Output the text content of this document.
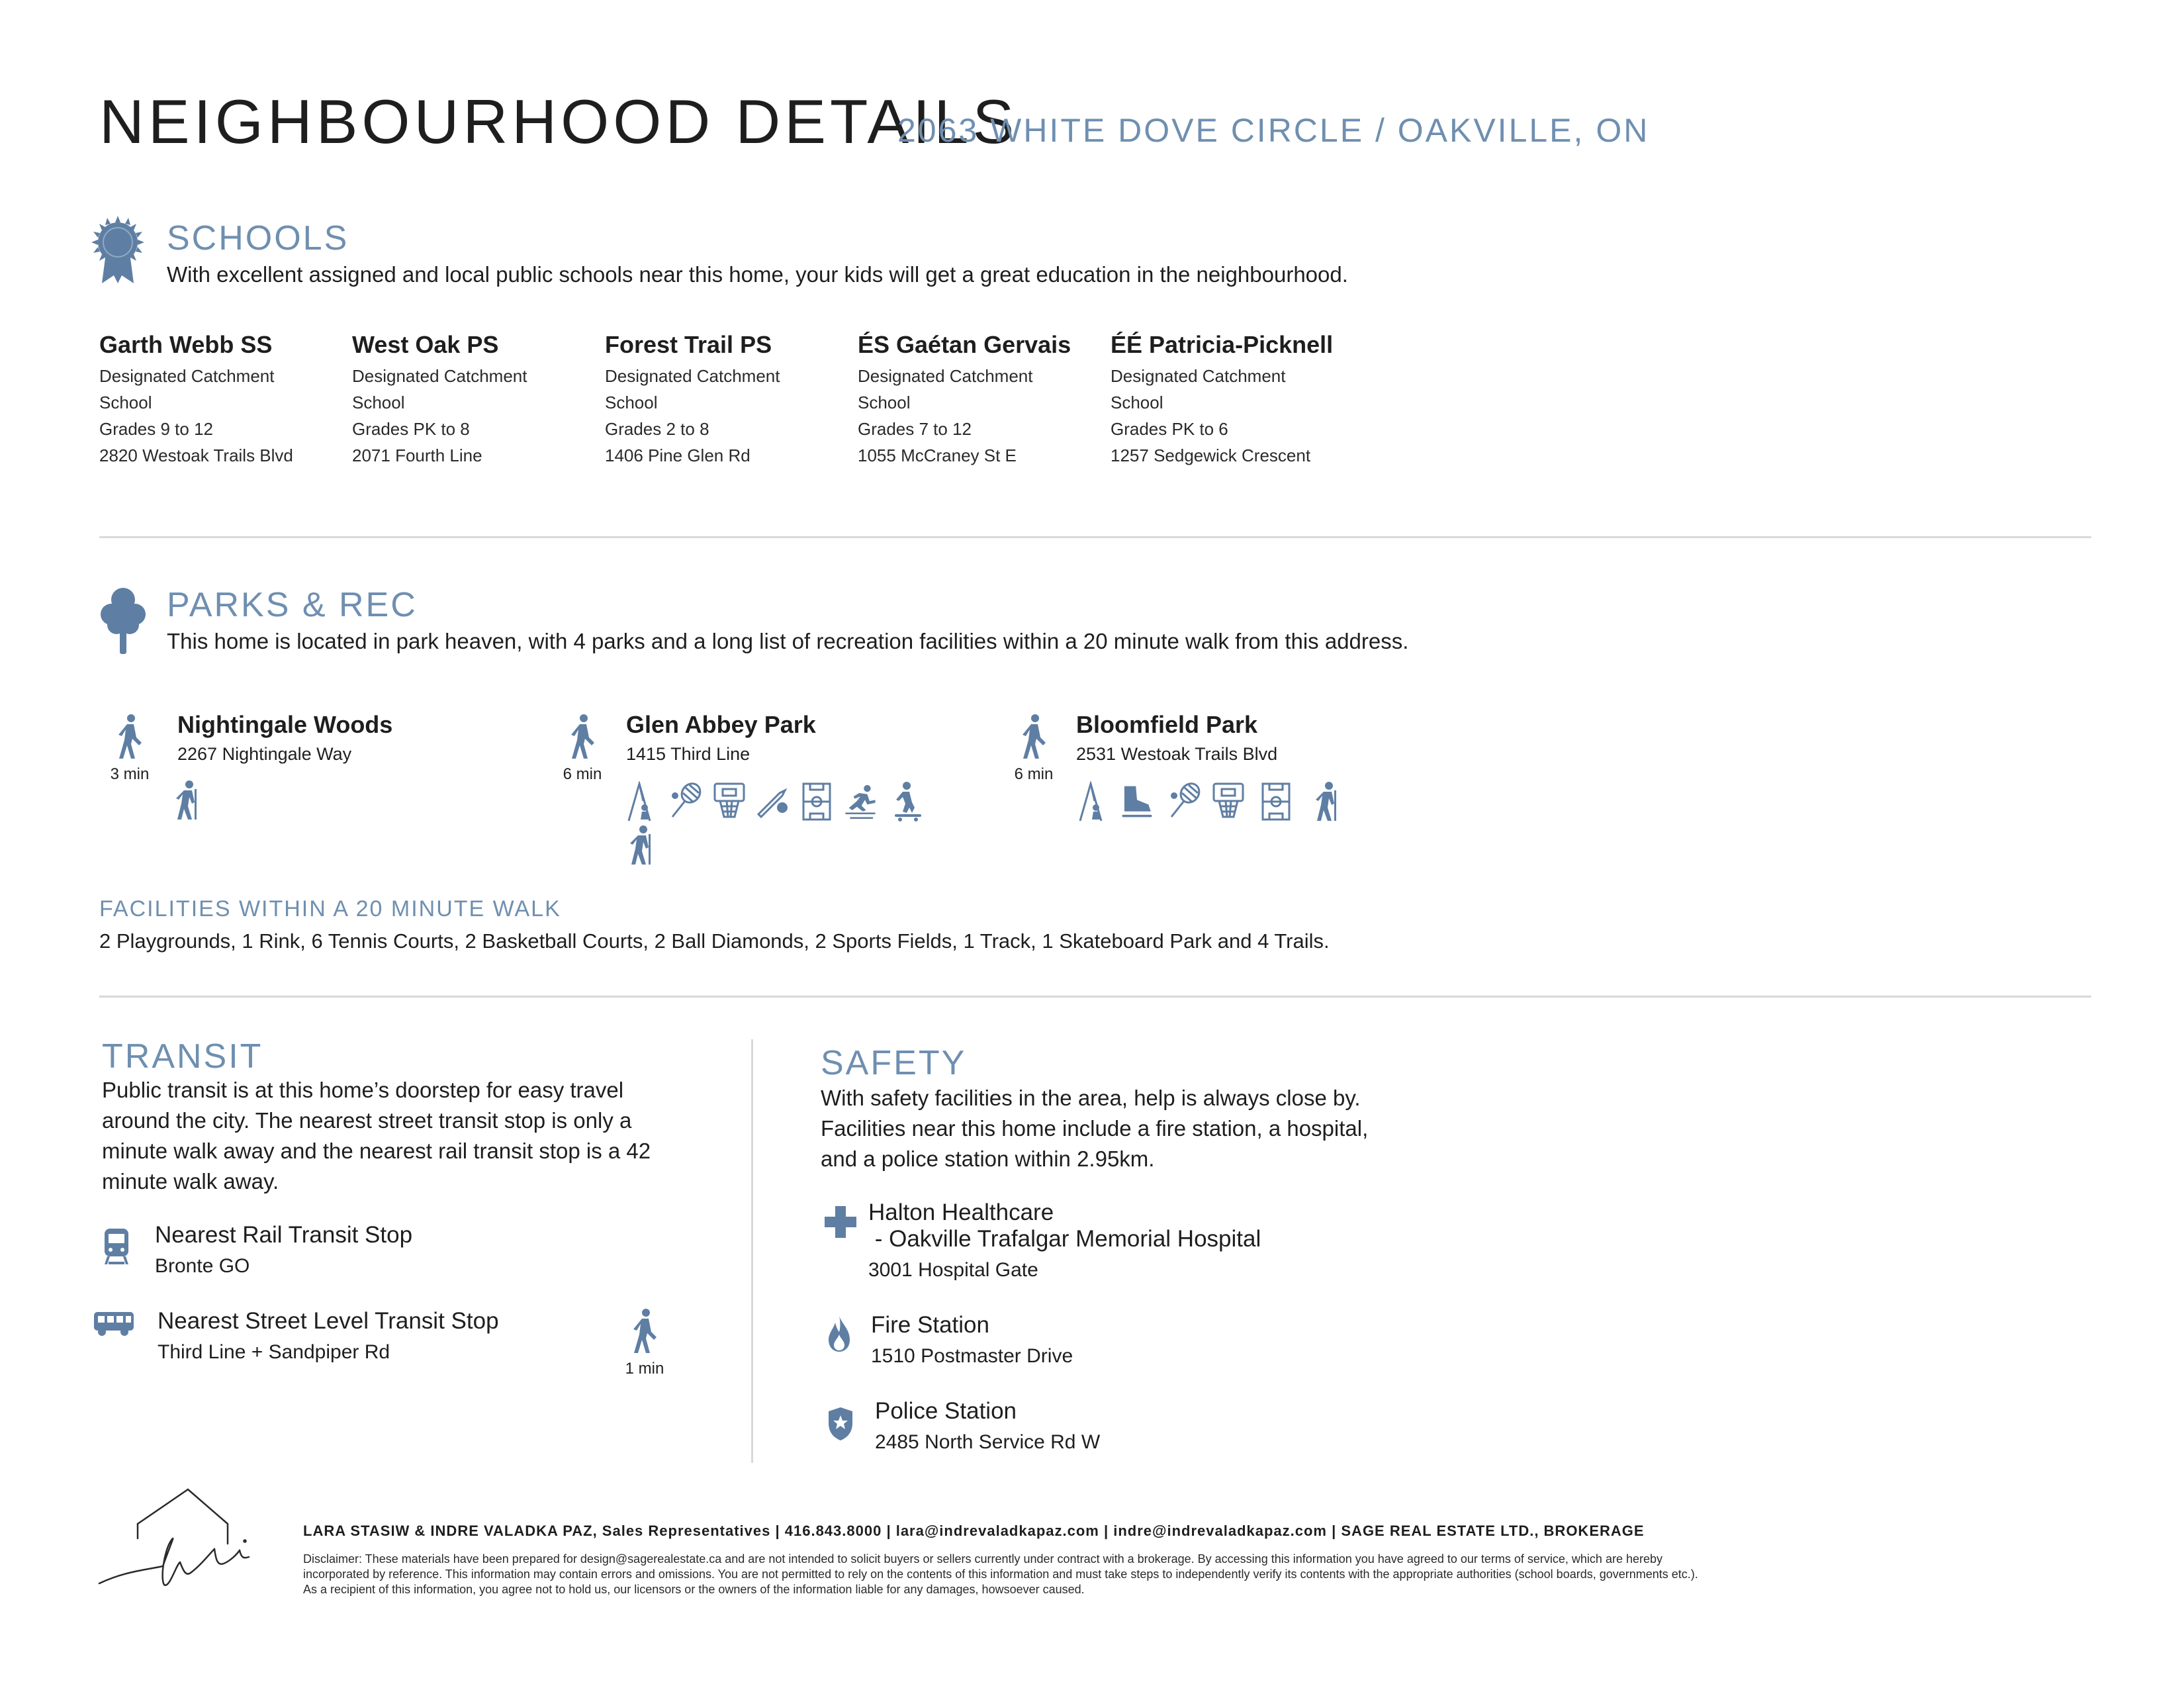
NEIGHBOURHOOD DETAILS
2063 WHITE DOVE CIRCLE / OAKVILLE, ON
SCHOOLS
With excellent assigned and local public schools near this home, your kids will get a great education in the neighbourhood.
Garth Webb SS
Designated Catchment
School
Grades 9 to 12
2820 Westoak Trails Blvd
West Oak PS
Designated Catchment
School
Grades PK to 8
2071 Fourth Line
Forest Trail PS
Designated Catchment
School
Grades 2 to 8
1406 Pine Glen Rd
ÉS Gaétan Gervais
Designated Catchment
School
Grades 7 to 12
1055 McCraney St E
ÉÉ Patricia-Picknell
Designated Catchment
School
Grades PK to 6
1257 Sedgewick Crescent
PARKS & REC
This home is located in park heaven, with 4 parks and a long list of recreation facilities within a 20 minute walk from this address.
3 min
Nightingale Woods
2267 Nightingale Way
6 min
Glen Abbey Park
1415 Third Line
6 min
Bloomfield Park
2531 Westoak Trails Blvd
FACILITIES WITHIN A 20 MINUTE WALK
2 Playgrounds, 1 Rink, 6 Tennis Courts, 2 Basketball Courts, 2 Ball Diamonds, 2 Sports Fields, 1 Track, 1 Skateboard Park and 4 Trails.
TRANSIT
Public transit is at this home’s doorstep for easy travel around the city. The nearest street transit stop is only a minute walk away and the nearest rail transit stop is a 42 minute walk away.
Nearest Rail Transit Stop
Bronte GO
Nearest Street Level Transit Stop
Third Line + Sandpiper Rd
1 min
SAFETY
With safety facilities in the area, help is always close by. Facilities near this home include a fire station, a hospital, and a police station within 2.95km.
Halton Healthcare
- Oakville Trafalgar Memorial Hospital
3001 Hospital Gate
Fire Station
1510 Postmaster Drive
Police Station
2485 North Service Rd W
LARA STASIW & INDRE VALADKA PAZ, Sales Representatives | 416.843.8000 | lara@indrevaladkapaz.com | indre@indrevaladkapaz.com | SAGE REAL ESTATE LTD., BROKERAGE
Disclaimer: These materials have been prepared for design@sagerealestate.ca and are not intended to solicit buyers or sellers currently under contract with a brokerage. By accessing this information you have agreed to our terms of service, which are hereby incorporated by reference. This information may contain errors and omissions. You are not permitted to rely on the contents of this information and must take steps to independently verify its contents with the appropriate authorities (school boards, governments etc.). As a recipient of this information, you agree not to hold us, our licensors or the owners of the information liable for any damages, howsoever caused.
